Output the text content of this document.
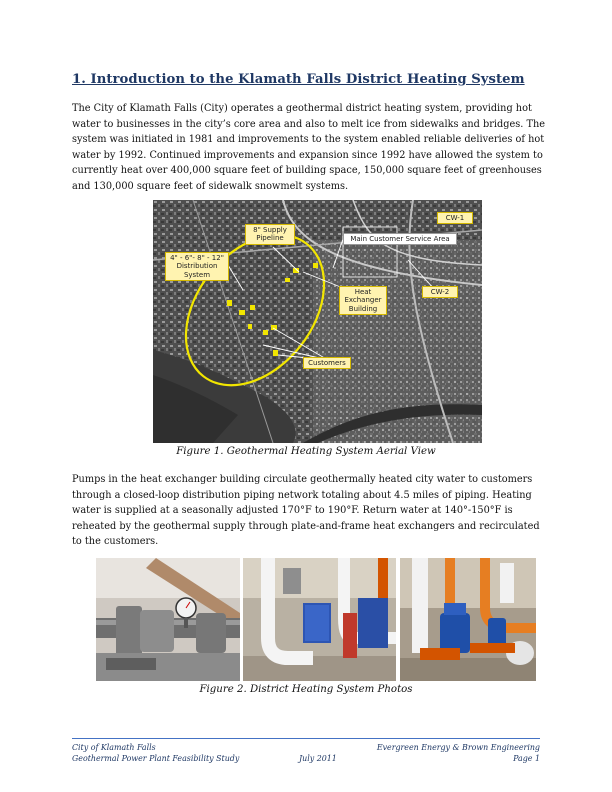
1. Introduction to the Klamath Falls District Heating System

The City of Klamath Falls (City) operates a geothermal district heating system, providing hot water to businesses in the city’s core area and also to melt ice from sidewalks and bridges. The system was initiated in 1981 and improvements to the system enabled reliable deliveries of hot water by 1992. Continued improvements and expansion since 1992 have allowed the system to currently heat over 400,000 square feet of building space, 150,000 square feet of greenhouses and 130,000 square feet of sidewalk snowmelt systems.

8" Supply Pipeline
4" - 6"- 8" - 12" Distribution System
Main Customer Service Area
CW-1
CW-2
Heat Exchanger Building
Customers
Figure 1. Geothermal Heating System Aerial View

Pumps in the heat exchanger building circulate geothermally heated city water to customers through a closed-loop distribution piping network totaling about 4.5 miles of piping. Heating water is supplied at a seasonally adjusted 170°F to 190°F. Return water at 140°-150°F is reheated by the geothermal supply through plate-and-frame heat exchangers and recirculated to the customers.

Figure 2. District Heating System Photos
City of Klamath Falls
Geothermal Power Plant Feasibility Study	July 2011
Evergreen Energy & Brown Engineering
Page 1
